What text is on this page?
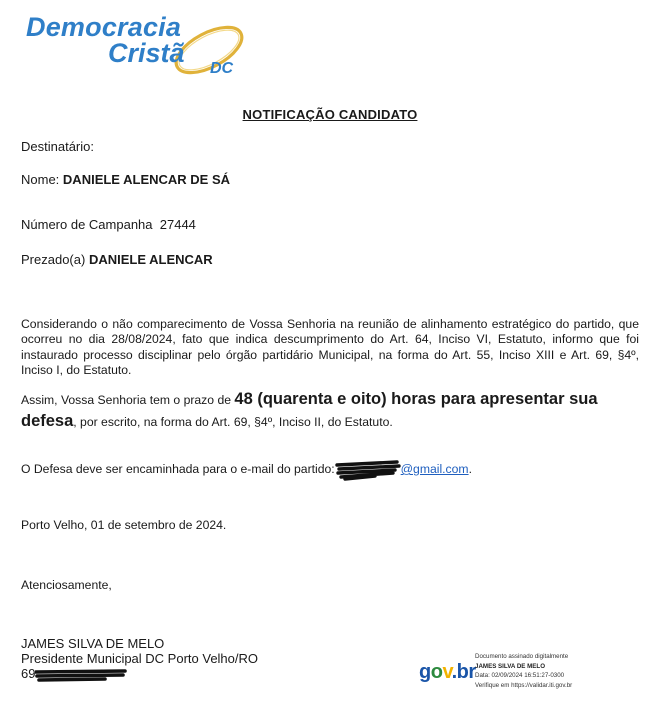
Democracia
Cristã
DC
NOTIFICAÇÃO CANDIDATO
Destinatário:
Nome: DANIELE ALENCAR DE SÁ
Número de Campanha 27444
Prezado(a) DANIELE ALENCAR
Considerando o não comparecimento de Vossa Senhoria na reunião de alinhamento estratégico do partido, que ocorreu no dia 28/08/2024, fato que indica descumprimento do Art. 64, Inciso VI, Estatuto, informo que foi instaurado processo disciplinar pelo órgão partidário Municipal, na forma do Art. 55, Inciso XIII e Art. 69, §4º, Inciso I, do Estatuto.
Assim, Vossa Senhoria tem o prazo de 48 (quarenta e oito) horas para apresentar sua defesa, por escrito, na forma do Art. 69, §4º, Inciso II, do Estatuto.
O Defesa deve ser encaminhada para o e-mail do partido:	@gmail.com.
Porto Velho, 01 de setembro de 2024.
Atenciosamente,
JAMES SILVA DE MELO
Presidente Municipal DC Porto Velho/RO
69	gov.br
Documento assinado digitalmente
JAMES SILVA DE MELO
Data: 02/09/2024 16:51:27-0300
Verifique em https://validar.iti.gov.br
